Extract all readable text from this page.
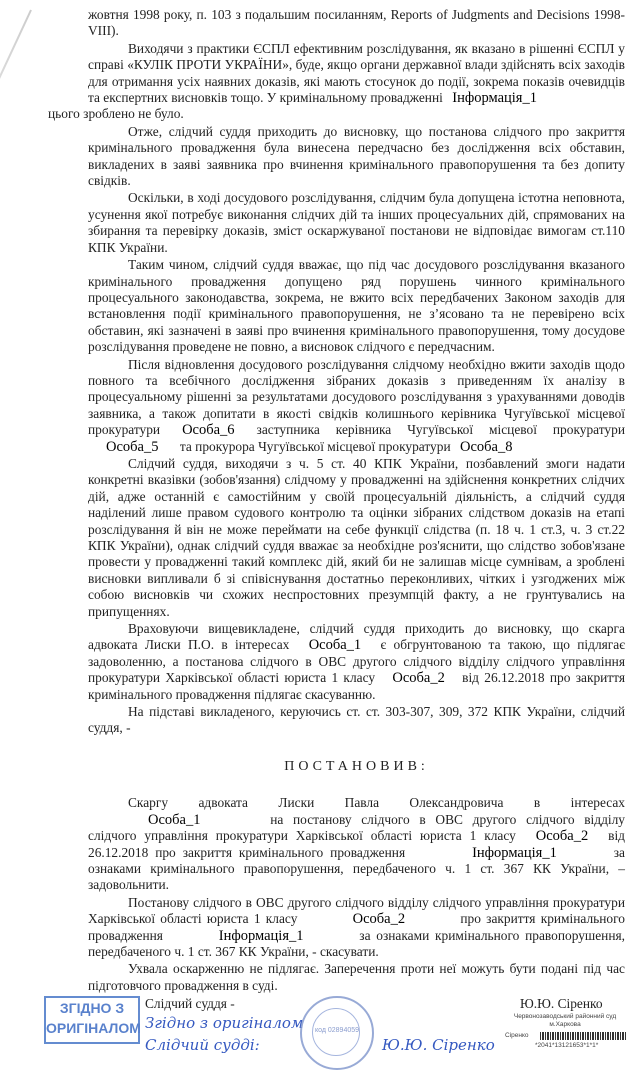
жовтня 1998 року, п. 103 з подальшим посиланням, Reports of Judgments and Decisions 1998-VIII).

Виходячи з практики ЄСПЛ ефективним розслідування, як вказано в рішенні ЄСПЛ у справі «КУЛІК ПРОТИ УКРАЇНИ», буде, якщо органи державної влади здійснять всіх заходів для отримання усіх наявних доказів, які мають стосунок до події, зокрема показів очевидців та експертних висновків тощо. У кримінальному провадженні Інформація_1
цього зроблено не було.

Отже, слідчий суддя приходить до висновку, що постанова слідчого про закриття кримінального провадження була винесена передчасно без дослідження всіх обставин, викладених в заяві заявника про вчинення кримінального правопорушення та без допиту свідків.

Оскільки, в ході досудового розслідування, слідчим була допущена істотна неповнота, усунення якої потребує виконання слідчих дій та інших процесуальних дій, спрямованих на збирання та перевірку доказів, зміст оскаржуваної постанови не відповідає вимогам ст.110 КПК України.

Таким чином, слідчий суддя вважає, що під час досудового розслідування вказаного кримінального провадження допущено ряд порушень чинного кримінального процесуального законодавства, зокрема, не вжито всіх передбачених Законом заходів для встановлення події кримінального правопорушення, не з’ясовано та не перевірено всіх обставин, які зазначені в заяві про вчинення кримінального правопорушення, тому досудове розслідування проведене не повно, а висновок слідчого є передчасним.

Після відновлення досудового розслідування слідчому необхідно вжити заходів щодо повного та всебічного дослідження зібраних доказів з приведенням їх аналізу в процесуальному рішенні за результатами досудового розслідування з урахуваннями доводів заявника, а також допитати в якості свідків колишнього керівника Чугуївської місцевої прокуратури Особа_6 заступника керівника Чугуївської місцевої прокуратури Особа_5 та прокурора Чугуївської місцевої прокуратури Особа_8

Слідчий суддя, виходячи з ч. 5 ст. 40 КПК України, позбавлений змоги надати конкретні вказівки (зобов'язання) слідчому у провадженні на здійснення конкретних слідчих дій, адже останній є самостійним у своїй процесуальній діяльність, а слідчий суддя наділений лише правом судового контролю та оцінки зібраних слідством доказів на етапі розслідування й він не може переймати на себе функції слідства (п. 18 ч. 1 ст.3, ч. 3 ст.22 КПК України), однак слідчий суддя вважає за необхідне роз'яснити, що слідство зобов'язане провести у провадженні такий комплекс дій, який би не залишав місце сумнівам, а зроблені висновки випливали б зі співіснування достатньо переконливих, чітких і узгоджених між собою висновків чи схожих неспростовних презумпцій факту, а не грунтувались на припущеннях.

Враховуючи вищевикладене, слідчий суддя приходить до висновку, що скарга адвоката Лиски П.О. в інтересах Особа_1 є обгрунтованою та такою, що підлягає задоволенню, а постанова слідчого в ОВС другого слідчого відділу слідчого управління прокуратури Харківської області юриста 1 класу Особа_2 від 26.12.2018 про закриття кримінального провадження підлягає скасуванню.

На підставі викладеного, керуючись ст. ст. 303-307, 309, 372 КПК України, слідчий суддя, -

ПОСТАНОВИВ:

Скаргу адвоката Лиски Павла Олександровича в інтересах Особа_1	на постанову слідчого в ОВС другого слідчого відділу слідчого управління прокуратури Харківської області юриста 1 класу Особа_2 від 26.12.2018 про закриття кримінального провадження	Інформація_1	за ознаками кримінального правопорушення, передбаченого ч. 1 ст. 367 КК України, – задовольнити.

Постанову слідчого в ОВС другого слідчого відділу слідчого управління прокуратури Харківської області юриста 1 класу	Особа_2	про закриття кримінального провадження	Інформація_1	за ознаками кримінального правопорушення, передбаченого ч. 1 ст. 367 КК України, - скасувати.

Ухвала оскарженню не підлягає. Заперечення проти неї можуть бути подані під час підготовчого провадження в суді.

ЗГІДНО З ОРИГІНАЛОМ
Слідчий суддя -
Згідно з оригіналом
Слідчий судді:
код 02894059
Ю.Ю. Сіренко
Ю.Ю. Сіренко
Червонозаводський районний суд м.Харкова
Сіренко
*2041*13121653*1*1*
